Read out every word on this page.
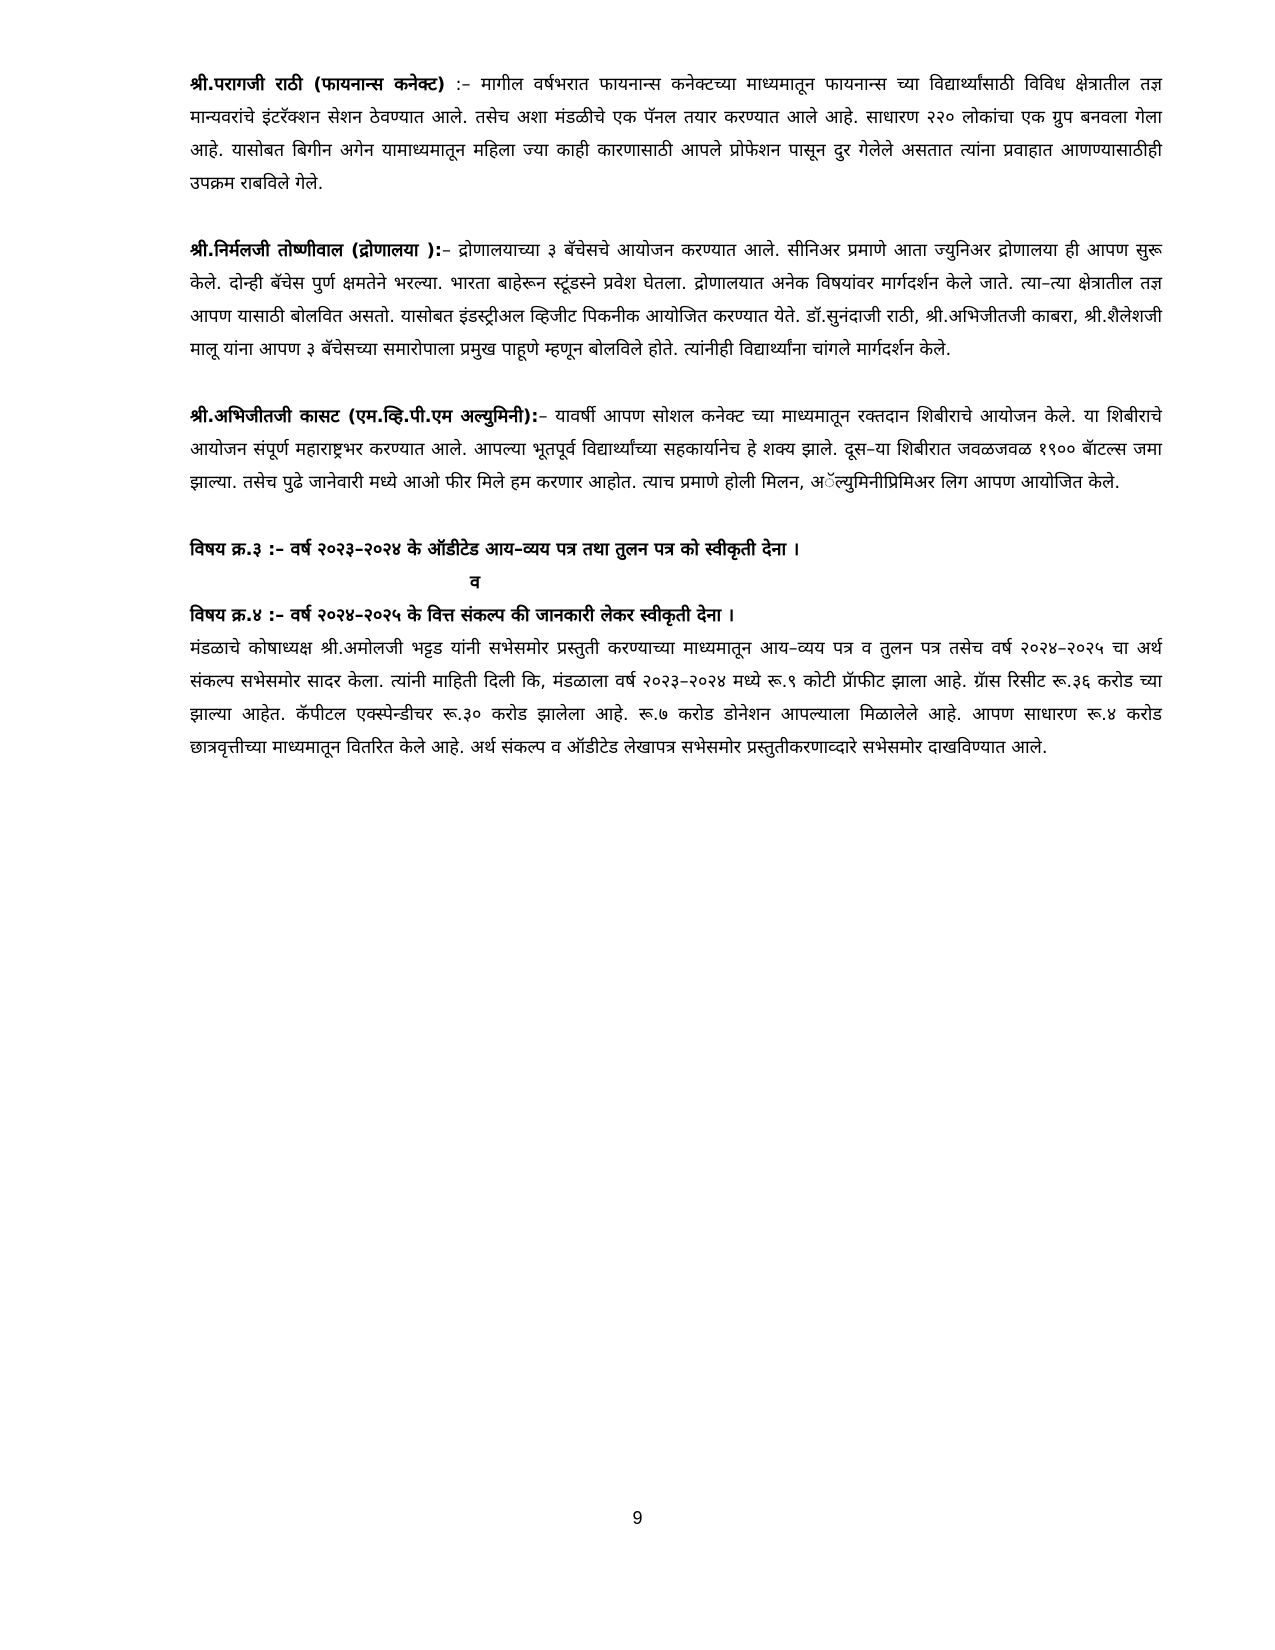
श्री.परागजी राठी (फायनान्स कनेक्ट) :– मागील वर्षभरात फायनान्स कनेक्टच्या माध्यमातून फायनान्स च्या विद्यार्थ्यांसाठी विविध क्षेत्रातील तज्ञ मान्यवरांचे इंटरॅक्शन सेशन ठेवण्यात आले. तसेच अशा मंडळीचे एक पॅनल तयार करण्यात आले आहे. साधारण २२० लोकांचा एक ग्रुप बनवला गेला आहे. यासोबत बिगीन अगेन यामाध्यमातून महिला ज्या काही कारणासाठी आपले प्रोफेशन पासून दुर गेलेले असतात त्यांना प्रवाहात आणण्यासाठीही उपक्रम राबविले गेले.

श्री.निर्मलजी तोष्णीवाल (द्रोणालया ):– द्रोणालयाच्या ३ बॅचेसचे आयोजन करण्यात आले. सीनिअर प्रमाणे आता ज्युनिअर द्रोणालया ही आपण सुरू केले. दोन्ही बॅचेस पुर्ण क्षमतेने भरल्या. भारता बाहेरून स्टूंडस्ने प्रवेश घेतला. द्रोणालयात अनेक विषयांवर मार्गदर्शन केले जाते. त्या–त्या क्षेत्रातील तज्ञ आपण यासाठी बोलवित असतो. यासोबत इंडस्ट्रीअल व्हिजीट पिकनीक आयोजित करण्यात येते. डॉ.सुनंदाजी राठी, श्री.अभिजीतजी काबरा, श्री.शैलेशजी मालू यांना आपण ३ बॅचेसच्या समारोपाला प्रमुख पाहूणे म्हणून बोलविले होते. त्यांनीही विद्यार्थ्यांना चांगले मार्गदर्शन केले.

श्री.अभिजीतजी कासट (एम.व्हि.पी.एम अल्युमिनी):– यावर्षी आपण सोशल कनेक्ट च्या माध्यमातून रक्तदान शिबीराचे आयोजन केले. या शिबीराचे आयोजन संपूर्ण महाराष्ट्रभर करण्यात आले. आपल्या भूतपूर्व विद्यार्थ्यांच्या सहकार्यानेच हे शक्य झाले. दूस–या शिबीरात जवळजवळ १९०० बॅाटल्स जमा झाल्या. तसेच पुढे जानेवारी मध्ये आओ फीर मिले हम करणार आहोत. त्याच प्रमाणे होली मिलन, अॅल्युमिनीप्रिमिअर लिग आपण आयोजित केले.

विषय क्र.३ :– वर्ष २०२३–२०२४ के ऑडीटेड आय–व्यय पत्र तथा तुलन पत्र को स्वीकृती देना ।

व

विषय क्र.४ :– वर्ष २०२४–२०२५ के वित्त संकल्प की जानकारी लेकर स्वीकृती देना ।

मंडळाचे कोषाध्यक्ष श्री.अमोलजी भट्टड यांनी सभेसमोर प्रस्तुती करण्याच्या माध्यमातून आय–व्यय पत्र व तुलन पत्र तसेच वर्ष २०२४–२०२५ चा अर्थ संकल्प सभेसमोर सादर केला. त्यांनी माहिती दिली कि, मंडळाला वर्ष २०२३–२०२४ मध्ये रू.९ कोटी प्रॅाफीट झाला आहे. ग्रॅास रिसीट रू.३६ करोड च्या झाल्या आहेत. कॅपीटल एक्स्पेन्डीचर रू.३० करोड झालेला आहे. रू.७ करोड डोनेशन आपल्याला मिळालेले आहे. आपण साधारण रू.४ करोड छात्रवृत्तीच्या माध्यमातून वितरित केले आहे. अर्थ संकल्प व ऑडीटेड लेखापत्र सभेसमोर प्रस्तुतीकरणाव्दारे सभेसमोर दाखविण्यात आले.

9
